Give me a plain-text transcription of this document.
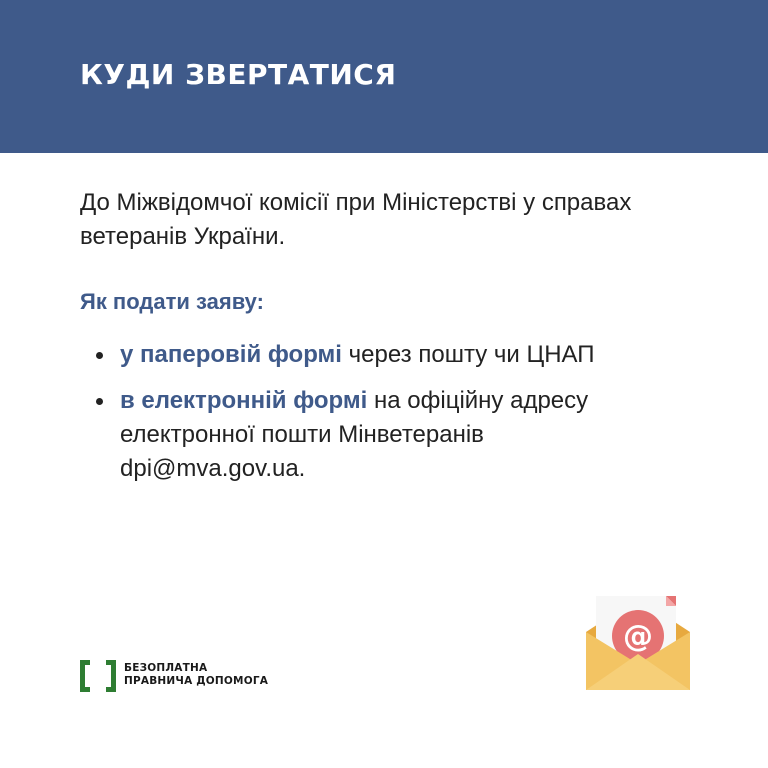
КУДИ ЗВЕРТАТИСЯ
До Міжвідомчої комісії при Міністерстві у справах ветеранів України.
Як подати заяву:
у паперовій формі через пошту чи ЦНАП
в електронній формі на офіційну адресу електронної пошти Мінветеранів dpi@mva.gov.ua.
БЕЗОПЛАТНА
ПРАВНИЧА ДОПОМОГА
@
